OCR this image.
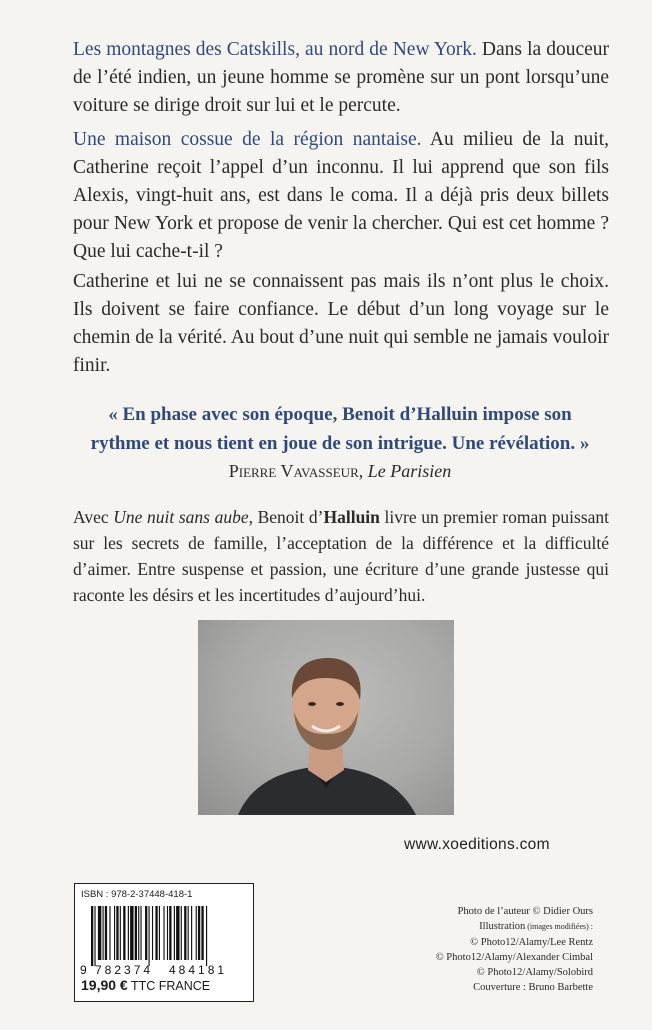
Les montagnes des Catskills, au nord de New York. Dans la douceur de l’été indien, un jeune homme se promène sur un pont lorsqu’une voiture se dirige droit sur lui et le percute.

Une maison cossue de la région nantaise. Au milieu de la nuit, Catherine reçoit l’appel d’un inconnu. Il lui apprend que son fils Alexis, vingt-huit ans, est dans le coma. Il a déjà pris deux billets pour New York et propose de venir la chercher. Qui est cet homme ? Que lui cache-t-il ?

Catherine et lui ne se connaissent pas mais ils n’ont plus le choix. Ils doivent se faire confiance. Le début d’un long voyage sur le chemin de la vérité. Au bout d’une nuit qui semble ne jamais vouloir finir.

« En phase avec son époque, Benoit d’Halluin impose son

rythme et nous tient en joue de son intrigue. Une révélation. »

Pierre Vavasseur, Le Parisien

Avec Une nuit sans aube, Benoit d’Halluin livre un premier roman puissant sur les secrets de famille, l’acceptation de la différence et la difficulté d’aimer. Entre suspense et passion, une écriture d’une grande justesse qui raconte les désirs et les incertitudes d’aujourd’hui.

www.xoeditions.com
ISBN : 978-2-37448-418-1
9 782374 484181
19,90 € TTC FRANCE
Photo de l’auteur © Didier Ours
Illustration (images modifiées) :
© Photo12/Alamy/Lee Rentz
© Photo12/Alamy/Alexander Cimbal
© Photo12/Alamy/Solobird
Couverture : Bruno Barbette
